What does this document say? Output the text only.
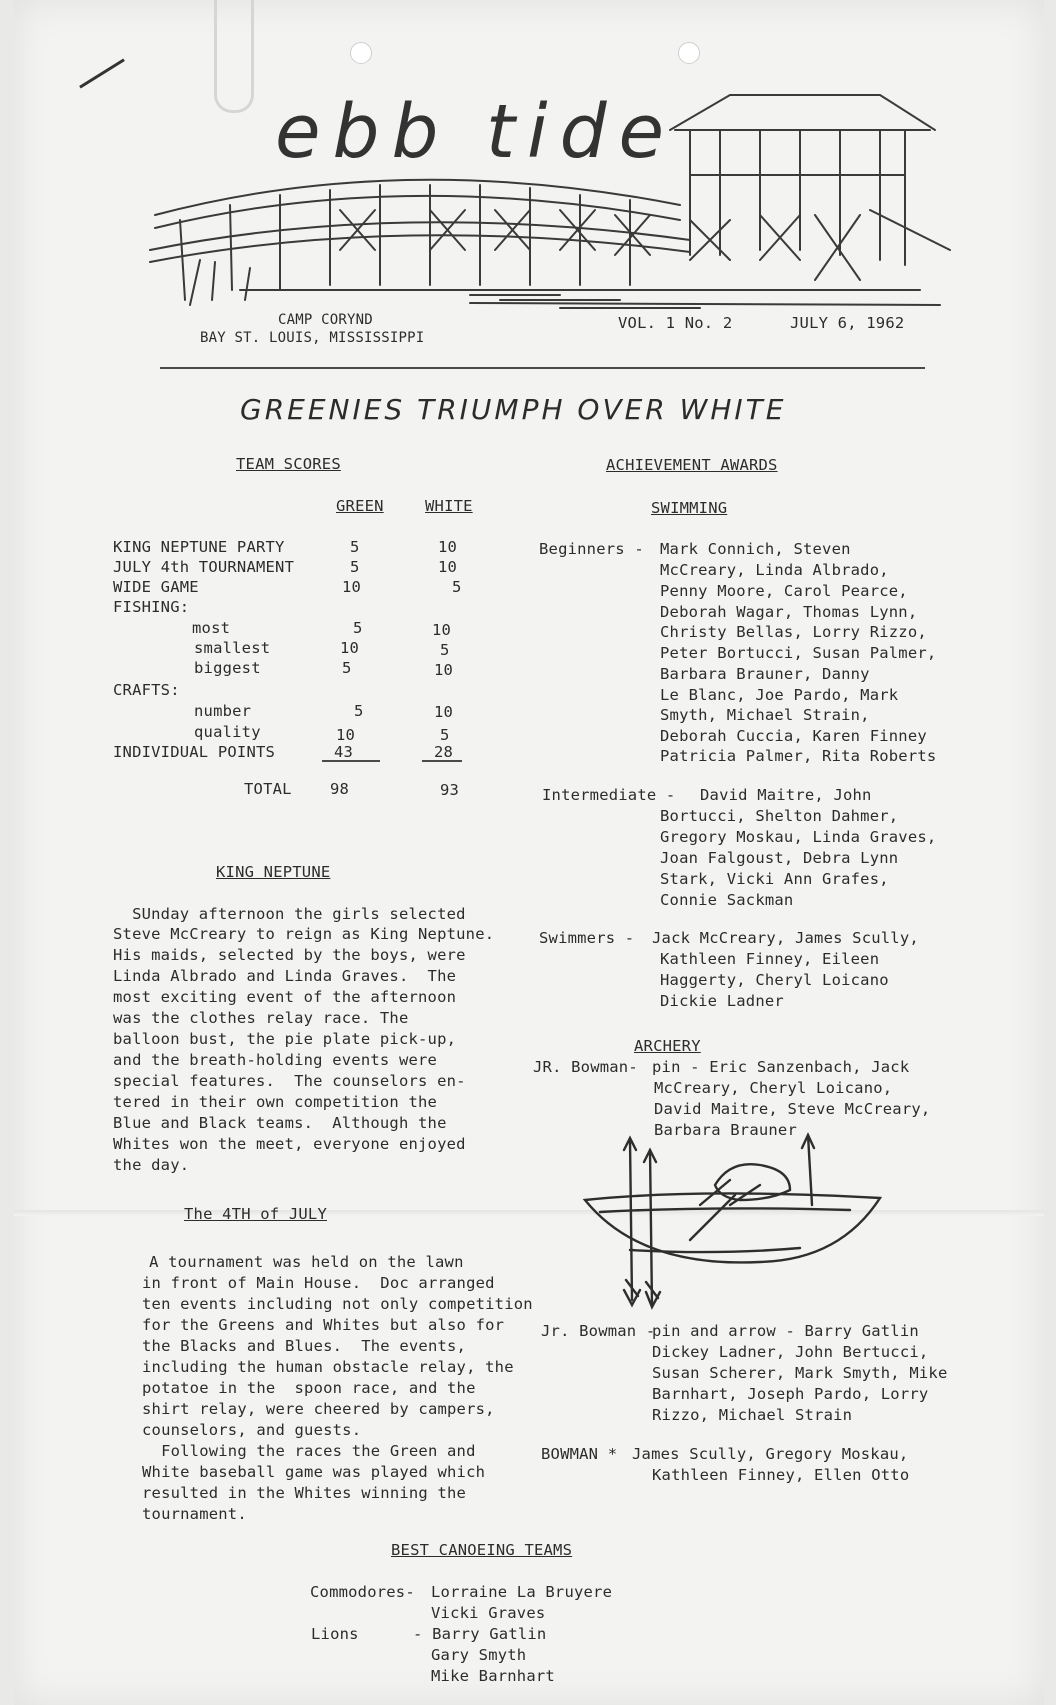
ebb tide
CAMP CORYND
BAY ST. LOUIS, MISSISSIPPI
VOL. 1 No. 2	JULY 6, 1962
GREENIES TRIUMPH OVER WHITE
TEAM SCORES
GREEN	WHITE
KING NEPTUNE PARTY	5	10
JULY 4th TOURNAMENT	5	10
WIDE GAME	10	5
FISHING:
most	5	10
smallest	10	5
biggest	5	10
CRAFTS:
number	5	10
quality	10	5
INDIVIDUAL POINTS	43	28
TOTAL 98	93
KING NEPTUNE
SUnday afternoon the girls selected
Steve McCreary to reign as King Neptune.
His maids, selected by the boys, were
Linda Albrado and Linda Graves.  The
most exciting event of the afternoon
was the clothes relay race. The
balloon bust, the pie plate pick-up,
and the breath-holding events were
special features.  The counselors en-
tered in their own competition the
Blue and Black teams.  Although the
Whites won the meet, everyone enjoyed
the day.
The 4TH of JULY
A tournament was held on the lawn
in front of Main House.  Doc arranged
ten events including not only competition
for the Greens and Whites but also for
the Blacks and Blues.  The events,
including the human obstacle relay, the
potatoe in the  spoon race, and the
shirt relay, were cheered by campers,
counselors, and guests.
Following the races the Green and
White baseball game was played which
resulted in the Whites winning the
tournament.
ACHIEVEMENT AWARDS
SWIMMING
Beginners - Mark Connich, Steven
McCreary, Linda Albrado,
Penny Moore, Carol Pearce,
Deborah Wagar, Thomas Lynn,
Christy Bellas, Lorry Rizzo,
Peter Bortucci, Susan Palmer,
Barbara Brauner, Danny
Le Blanc, Joe Pardo, Mark
Smyth, Michael Strain,
Deborah Cuccia, Karen Finney
Patricia Palmer, Rita Roberts
Intermediate - David Maitre, John
Bortucci, Shelton Dahmer,
Gregory Moskau, Linda Graves,
Joan Falgoust, Debra Lynn
Stark, Vicki Ann Grafes,
Connie Sackman
Swimmers - Jack McCreary, James Scully,
Kathleen Finney, Eileen
Haggerty, Cheryl Loicano
Dickie Ladner
ARCHERY
JR. Bowman- pin - Eric Sanzenbach, Jack
McCreary, Cheryl Loicano,
David Maitre, Steve McCreary,
Barbara Brauner
Jr. Bowman -
pin and arrow - Barry Gatlin
Dickey Ladner, John Bertucci,
Susan Scherer, Mark Smyth, Mike
Barnhart, Joseph Pardo, Lorry
Rizzo, Michael Strain
BOWMAN * James Scully, Gregory Moskau,
Kathleen Finney, Ellen Otto
BEST CANOEING TEAMS
Commodores- Lorraine La Bruyere
Vicki Graves
Lions	- Barry Gatlin
Gary Smyth
Mike Barnhart
